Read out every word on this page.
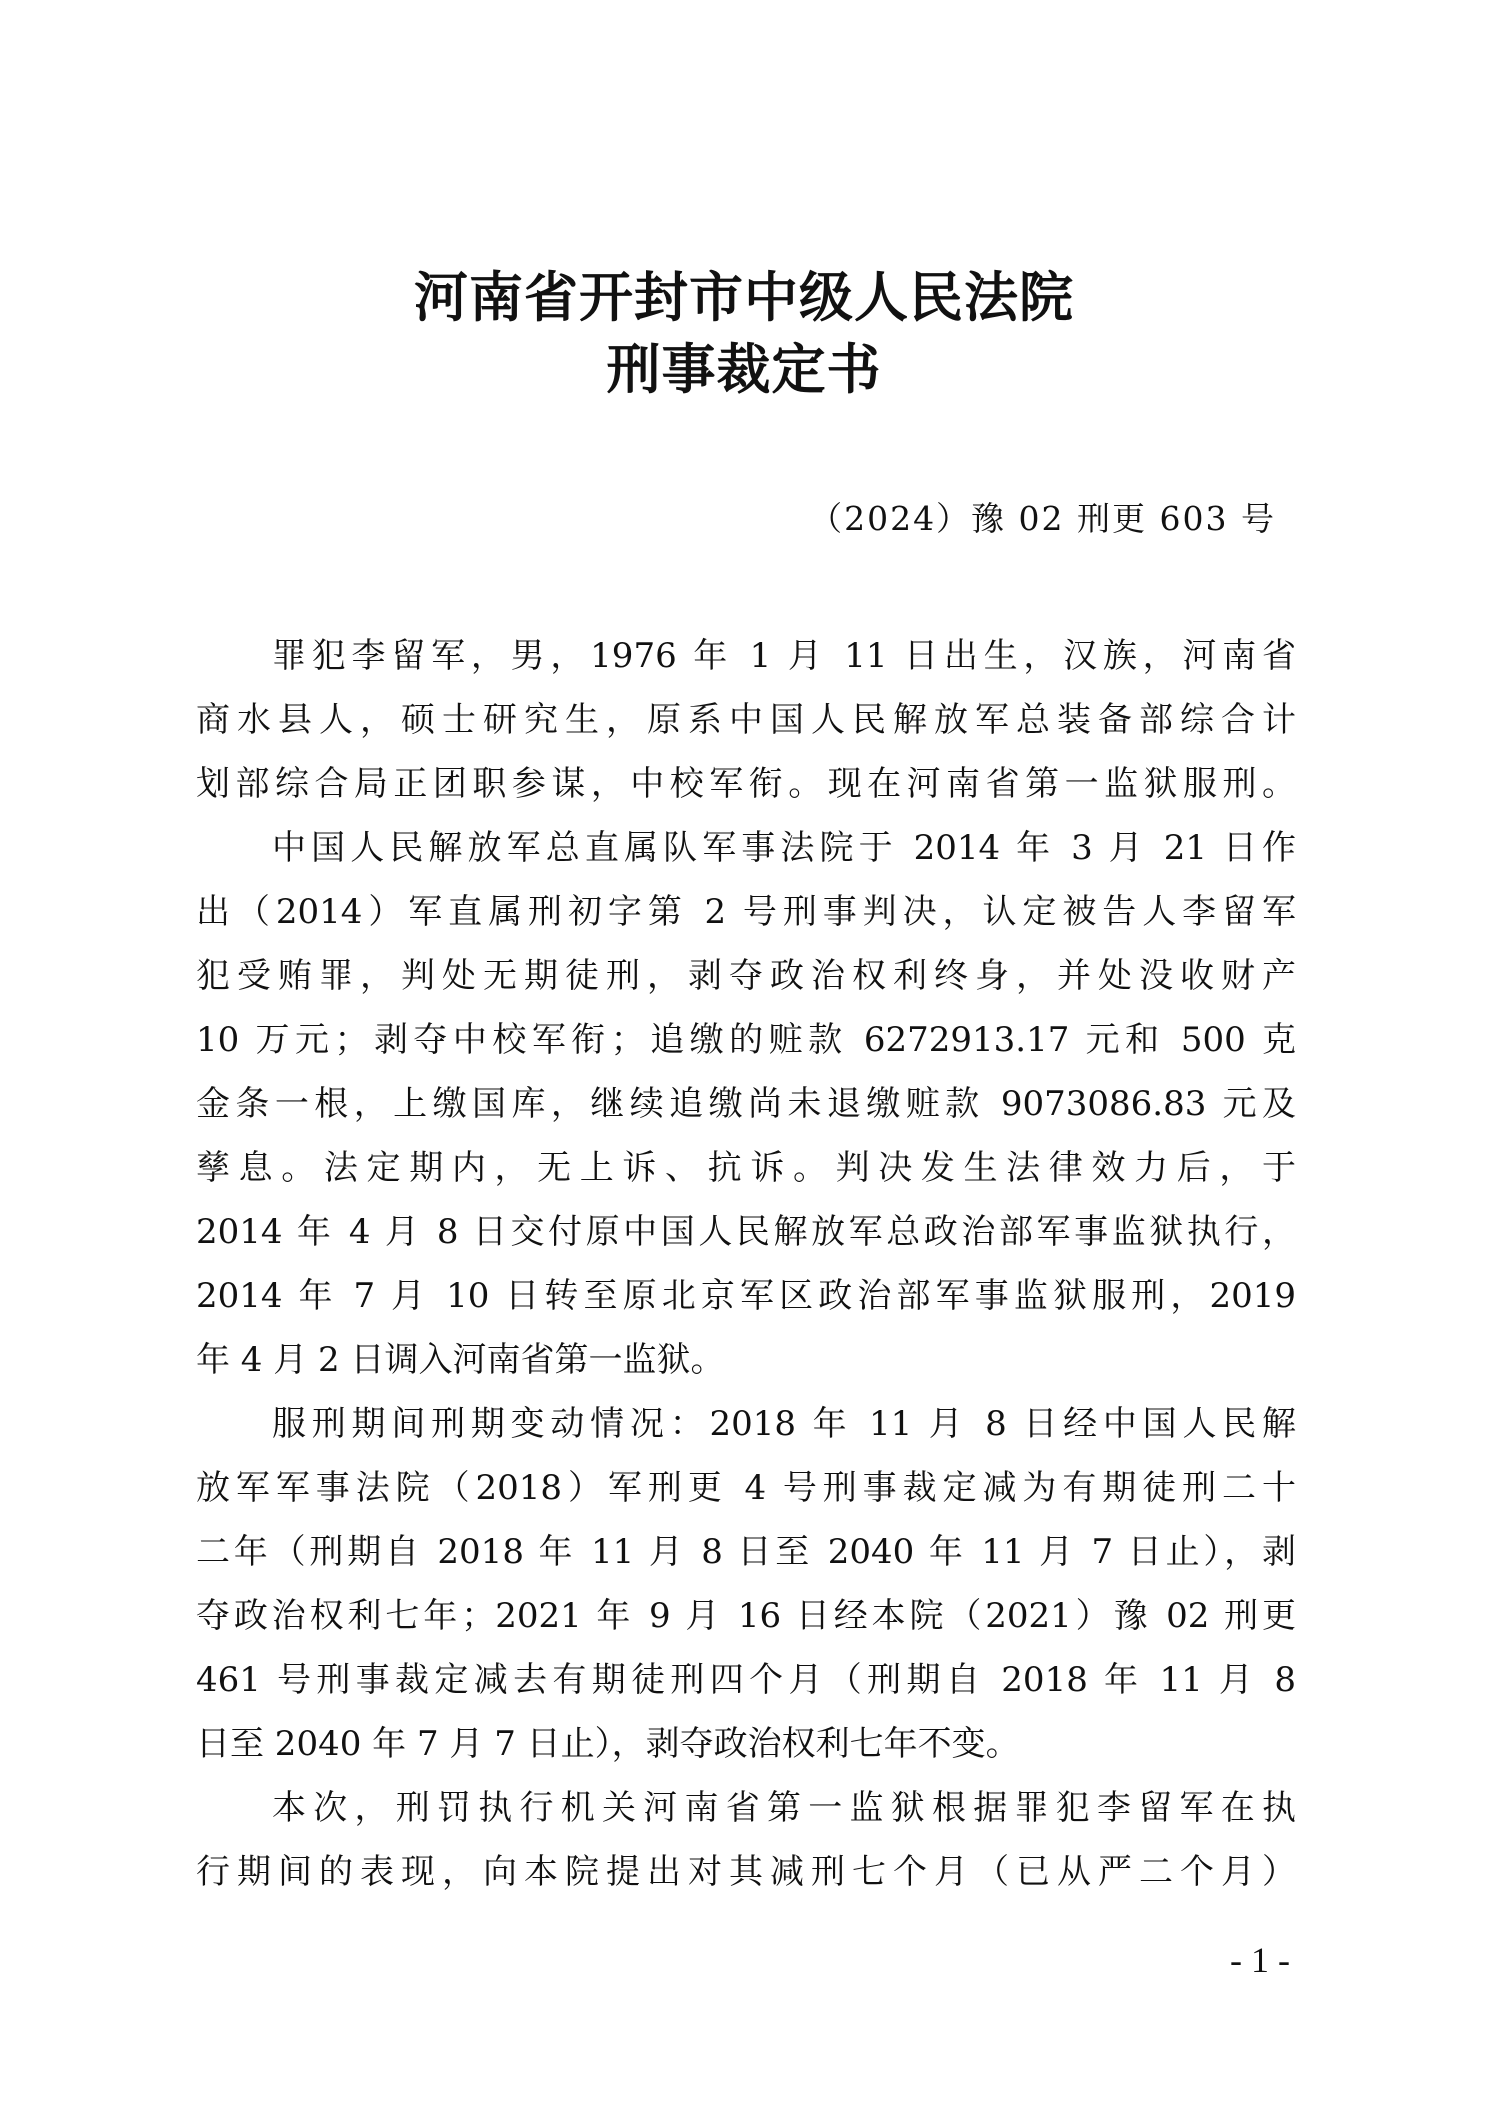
河南省开封市中级人民法院
刑事裁定书
（2024）豫 02 刑更 603 号
罪犯李留军，男，1976 年 1 月 11 日出生，汉族，河南省
商水县人，硕士研究生，原系中国人民解放军总装备部综合计
划部综合局正团职参谋，中校军衔。现在河南省第一监狱服刑。
中国人民解放军总直属队军事法院于 2014 年 3 月 21 日作
出（2014）军直属刑初字第 2 号刑事判决，认定被告人李留军
犯受贿罪，判处无期徒刑，剥夺政治权利终身，并处没收财产
10 万元；剥夺中校军衔；追缴的赃款 6272913.17 元和 500 克
金条一根，上缴国库，继续追缴尚未退缴赃款 9073086.83 元及
孳息。法定期内，无上诉、抗诉。判决发生法律效力后，于
2014 年 4 月 8 日交付原中国人民解放军总政治部军事监狱执行，
2014 年 7 月 10 日转至原北京军区政治部军事监狱服刑，2019
年 4 月 2 日调入河南省第一监狱。
服刑期间刑期变动情况：2018 年 11 月 8 日经中国人民解
放军军事法院（2018）军刑更 4 号刑事裁定减为有期徒刑二十
二年（刑期自 2018 年 11 月 8 日至 2040 年 11 月 7 日止），剥
夺政治权利七年；2021 年 9 月 16 日经本院（2021）豫 02 刑更
461 号刑事裁定减去有期徒刑四个月（刑期自 2018 年 11 月 8
日至 2040 年 7 月 7 日止），剥夺政治权利七年不变。
本次，刑罚执行机关河南省第一监狱根据罪犯李留军在执
行期间的表现，向本院提出对其减刑七个月（已从严二个月）
- 1 -
